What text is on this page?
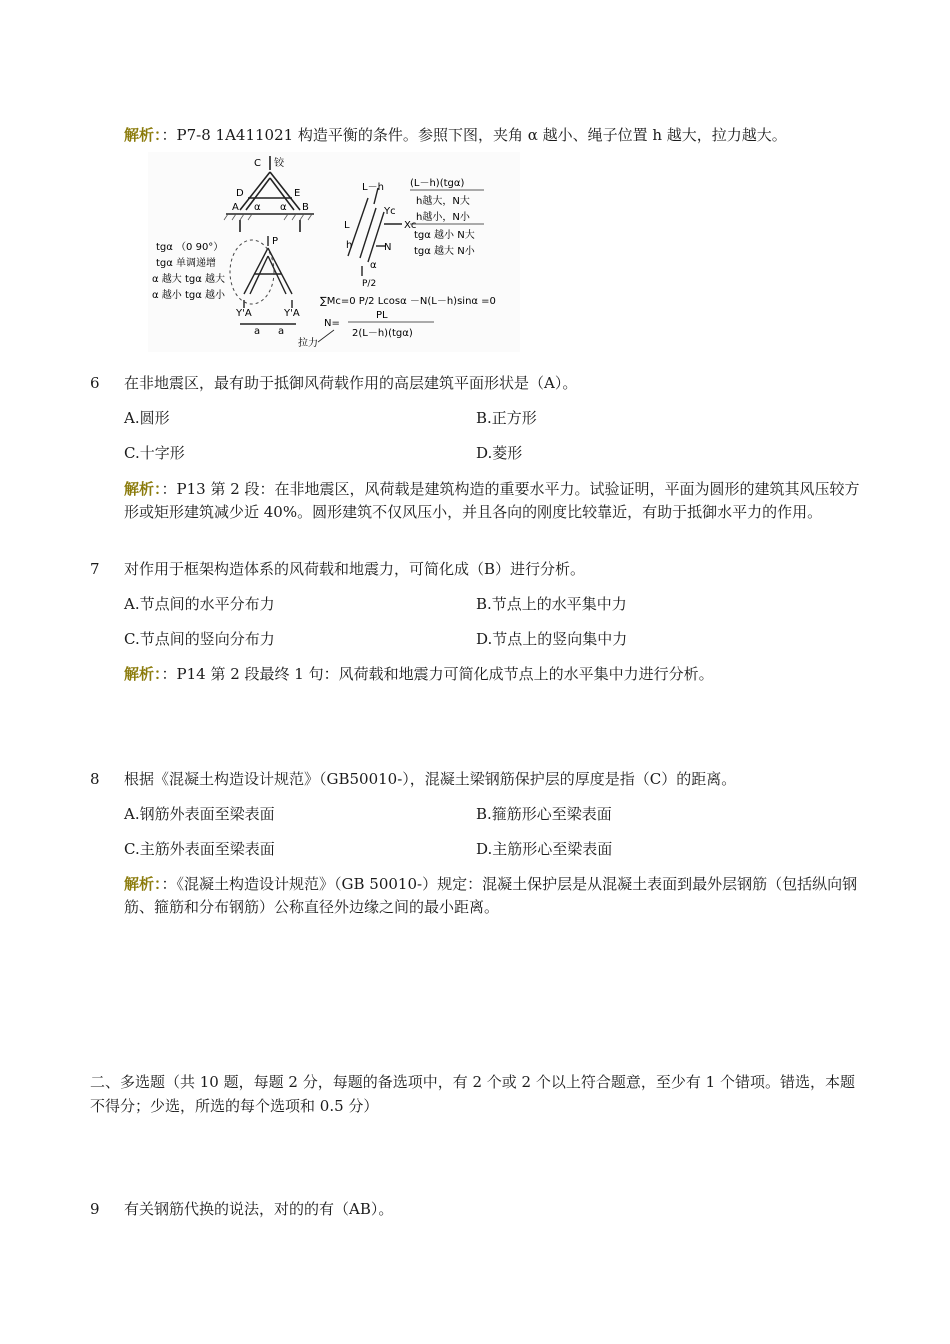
解析：：P7-8 1A411021 构造平衡的条件。参照下图，夹角 α 越小、绳子位置 h 越大，拉力越大。
C 铰
D
A
E
B
α α
P
tgα （0 90°）
tgα 单调递增
α 越大 tgα 越大
α 越小 tgα 越小
Y'A	Y'A
a a
L－h
Yc
Xc
L
h	N
P/2
α
(L－h)(tgα)
h越大，N大
h越小，N小
tgα 越小 N大
tgα 越大 N小
∑Mc=0 P/2 Lcosα －N(L－h)sinα =0
N=
PL
2(L－h)(tgα)
拉力
6 在非地震区，最有助于抵御风荷载作用的高层建筑平面形状是（A）。
A.圆形	B.正方形
C.十字形	D.菱形
解析：：P13 第 2 段：在非地震区，风荷载是建筑构造的重要水平力。试验证明，平面为圆形的建筑其风压较方形或矩形建筑减少近 40%。圆形建筑不仅风压小，并且各向的刚度比较靠近，有助于抵御水平力的作用。
7 对作用于框架构造体系的风荷载和地震力，可简化成（B）进行分析。
A.节点间的水平分布力	B.节点上的水平集中力
C.节点间的竖向分布力	D.节点上的竖向集中力
解析：：P14 第 2 段最终 1 句：风荷载和地震力可简化成节点上的水平集中力进行分析。
8 根据《混凝土构造设计规范》（GB50010-），混凝土梁钢筋保护层的厚度是指（C）的距离。
A.钢筋外表面至梁表面	B.箍筋形心至梁表面
C.主筋外表面至梁表面	D.主筋形心至梁表面
解析：：《混凝土构造设计规范》（GB 50010-）规定：混凝土保护层是从混凝土表面到最外层钢筋（包括纵向钢筋、箍筋和分布钢筋）公称直径外边缘之间的最小距离。
二、多选题（共 10 题，每题 2 分，每题的备选项中，有 2 个或 2 个以上符合题意，至少有 1 个错项。错选，本题不得分；少选，所选的每个选项和 0.5 分）
9 有关钢筋代换的说法，对的的有（AB）。
